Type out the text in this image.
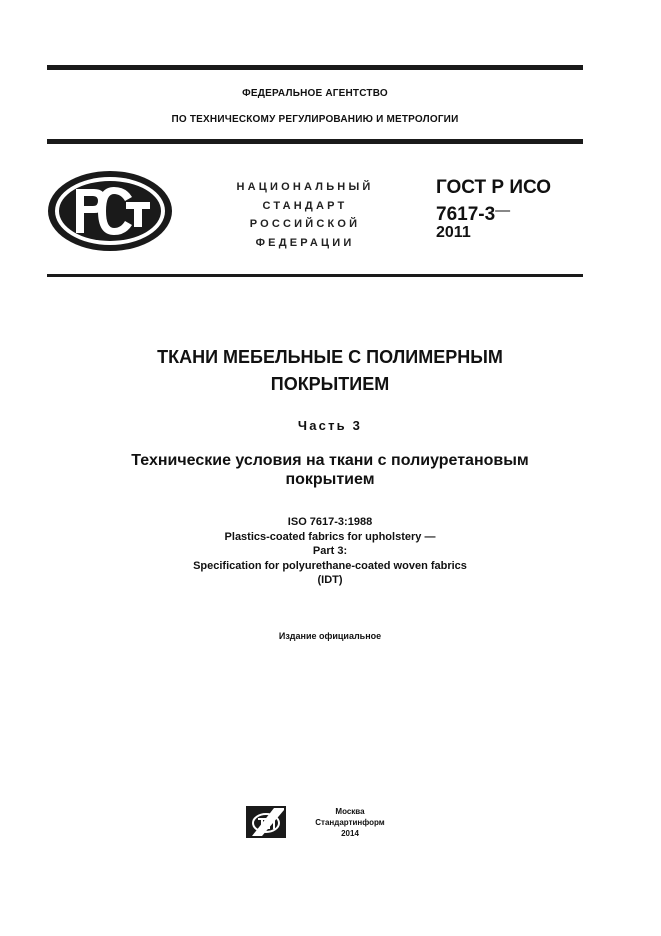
ФЕДЕРАЛЬНОЕ АГЕНТСТВО
ПО ТЕХНИЧЕСКОМУ РЕГУЛИРОВАНИЮ И МЕТРОЛОГИИ
НАЦИОНАЛЬНЫЙ
СТАНДАРТ
РОССИЙСКОЙ
ФЕДЕРАЦИИ
ГОСТ Р ИСО
7617-3—
2011
ТКАНИ МЕБЕЛЬНЫЕ С ПОЛИМЕРНЫМ
ПОКРЫТИЕМ
Часть 3
Технические условия на ткани с полиуретановым
покрытием
ISO 7617-3:1988
Plastics-coated fabrics for upholstery —
Part 3:
Specification for polyurethane-coated woven fabrics
(IDT)
Издание официальное
Москва
Стандартинформ
2014
